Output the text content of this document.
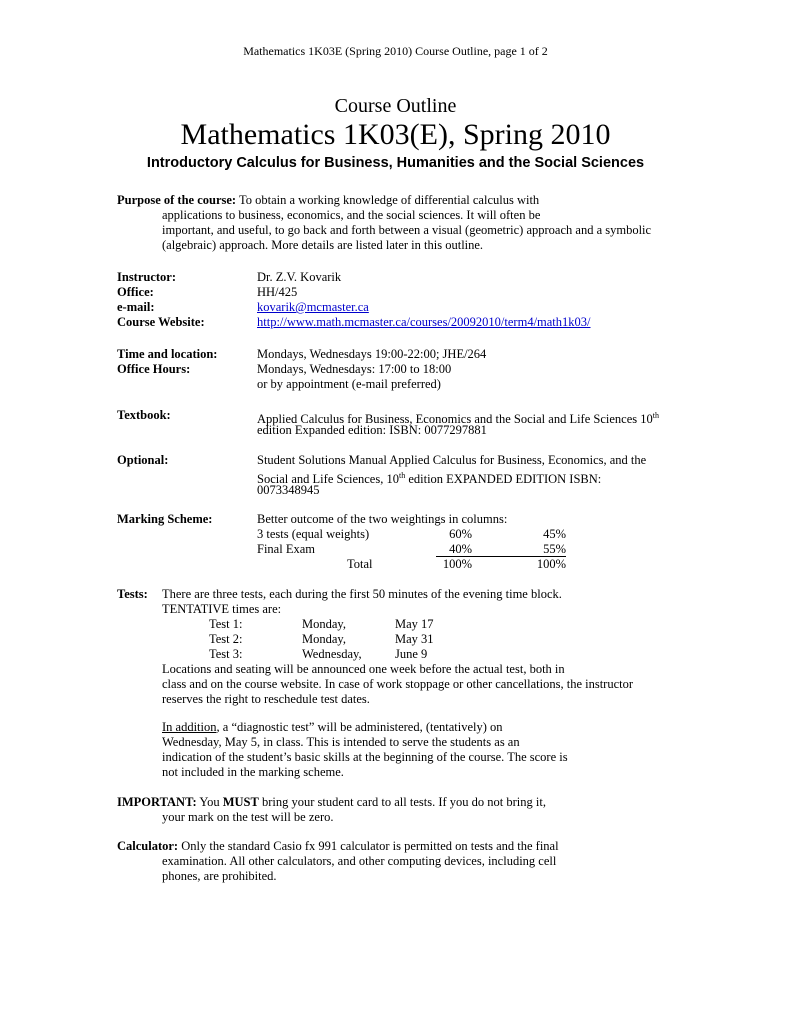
Mathematics 1K03E (Spring 2010) Course Outline, page 1 of 2
Course Outline
Mathematics 1K03(E), Spring 2010
Introductory Calculus for Business, Humanities and the Social Sciences
Purpose of the course: To obtain a working knowledge of differential calculus with
applications to business, economics, and the social sciences. It will often be
important, and useful, to go back and forth between a visual (geometric) approach and a symbolic
(algebraic) approach. More details are listed later in this outline.
Instructor:	Dr. Z.V. Kovarik
Office:	HH/425
e-mail:	kovarik@mcmaster.ca
Course Website:	http://www.math.mcmaster.ca/courses/20092010/term4/math1k03/
Time and location:	Mondays, Wednesdays 19:00-22:00; JHE/264
Office Hours:	Mondays, Wednesdays: 17:00 to 18:00
or by appointment (e-mail preferred)
Textbook:	Applied Calculus for Business, Economics and the Social and Life Sciences 10th
edition Expanded edition: ISBN: 0077297881
Optional:	Student Solutions Manual Applied Calculus for Business, Economics, and the
Social and Life Sciences, 10th edition EXPANDED EDITION ISBN:
0073348945
Marking Scheme:	Better outcome of the two weightings in columns:
3 tests (equal weights)	60%	45%
Final Exam	40%	55%
Total	100%	100%
Tests: There are three tests, each during the first 50 minutes of the evening time block.
TENTATIVE times are:
Test 1:	Monday,	May 17
Test 2:	Monday,	May 31
Test 3:	Wednesday,	June 9
Locations and seating will be announced one week before the actual test, both in
class and on the course website. In case of work stoppage or other cancellations, the instructor
reserves the right to reschedule test dates.
In addition, a “diagnostic test” will be administered, (tentatively) on
Wednesday, May 5, in class. This is intended to serve the students as an
indication of the student’s basic skills at the beginning of the course. The score is
not included in the marking scheme.
IMPORTANT: You MUST bring your student card to all tests. If you do not bring it,
your mark on the test will be zero.
Calculator: Only the standard Casio fx 991 calculator is permitted on tests and the final
examination. All other calculators, and other computing devices, including cell
phones, are prohibited.
